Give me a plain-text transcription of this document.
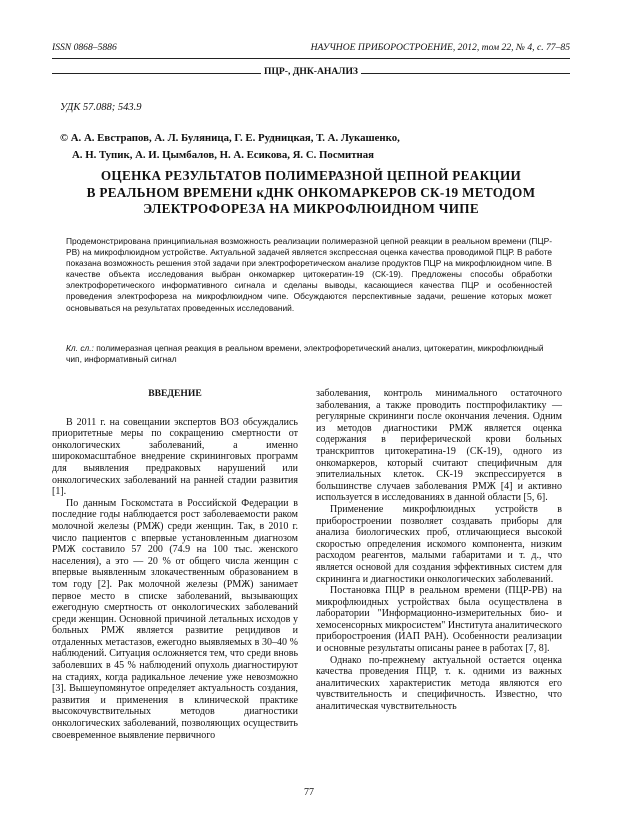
ISSN 0868–5886	НАУЧНОЕ ПРИБОРОСТРОЕНИЕ, 2012, том 22, № 4, с. 77–85
ПЦР-, ДНК-АНАЛИЗ
УДК 57.088; 543.9
© А. А. Евстрапов, А. Л. Буляница, Г. Е. Рудницкая, Т. А. Лукашенко,
А. Н. Тупик, А. И. Цымбалов, Н. А. Есикова, Я. С. Посмитная
ОЦЕНКА РЕЗУЛЬТАТОВ ПОЛИМЕРАЗНОЙ ЦЕПНОЙ РЕАКЦИИ
В РЕАЛЬНОМ ВРЕМЕНИ кДНК ОНКОМАРКЕРОВ СК-19 МЕТОДОМ
ЭЛЕКТРОФОРЕЗА НА МИКРОФЛЮИДНОМ ЧИПЕ
Продемонстрирована принципиальная возможность реализации полимеразной цепной реакции в реальном времени (ПЦР-РВ) на микрофлюидном устройстве. Актуальной задачей является экспрессная оценка качества проводимой ПЦР. В работе показана возможность решения этой задачи при электрофоретическом анализе продуктов ПЦР на микрофлюидном чипе. В качестве объекта исследования выбран онкомаркер цитокератин-19 (СК-19). Предложены способы обработки электрофоретического информативного сигнала и сделаны выводы, касающиеся качества ПЦР и особенностей проведения электрофореза на микрофлюидном чипе. Обсуждаются перспективные задачи, решение которых может основываться на результатах проведенных исследований.
Кл. сл.: полимеразная цепная реакция в реальном времени, электрофоретический анализ, цитокератин, микрофлюидный чип, информативный сигнал
ВВЕДЕНИЕ

В 2011 г. на совещании экспертов ВОЗ обсуждались приоритетные меры по сокращению смертности от онкологических заболеваний, а именно широкомасштабное внедрение скрининговых программ для выявления предраковых нарушений или онкологических заболеваний на ранней стадии развития [1].

По данным Госкомстата в Российской Федерации в последние годы наблюдается рост заболеваемости раком молочной железы (РМЖ) среди женщин. Так, в 2010 г. число пациентов с впервые установленным диагнозом РМЖ составило 57 200 (74.9 на 100 тыс. женского населения), а это — 20 % от общего числа женщин с впервые выявленным злокачественным образованием в том году [2]. Рак молочной железы (РМЖ) занимает первое место в списке заболеваний, вызывающих ежегодную смертность от онкологических заболеваний среди женщин. Основной причиной летальных исходов у больных РМЖ является развитие рецидивов и отдаленных метастазов, ежегодно выявляемых в 30–40 % наблюдений. Ситуация осложняется тем, что среди вновь заболевших в 45 % наблюдений опухоль диагностируют на стадиях, когда радикальное лечение уже невозможно [3]. Вышеупомянутое определяет актуальность создания, развития и применения в клинической практике высокочувствительных методов диагностики онкологических заболеваний, позволяющих осуществить своевременное выявление первичного

заболевания, контроль минимального остаточного заболевания, а также проводить постпрофилактику — регулярные скрининги после окончания лечения. Одним из методов диагностики РМЖ является оценка содержания в периферической крови больных транскриптов цитокератина-19 (СК-19), одного из онкомаркеров, который считают специфичным для эпителиальных клеток. СК-19 экспрессируется в большинстве случаев заболевания РМЖ [4] и активно используется в исследованиях в данной области [5, 6].

Применение микрофлюидных устройств в приборостроении позволяет создавать приборы для анализа биологических проб, отличающиеся высокой скоростью определения искомого компонента, низким расходом реагентов, малыми габаритами и т. д., что является основой для создания эффективных систем для скрининга и диагностики онкологических заболеваний.

Постановка ПЦР в реальном времени (ПЦР-РВ) на микрофлюидных устройствах была осуществлена в лаборатории "Информационно-измерительных био- и хемосенсорных микросистем" Института аналитического приборостроения (ИАП РАН). Особенности реализации и основные результаты описаны ранее в работах [7, 8].

Однако по-прежнему актуальной остается оценка качества проведения ПЦР, т. к. одними из важных аналитических характеристик метода являются его чувствительность и специфичность. Известно, что аналитическая чувствительность

77
